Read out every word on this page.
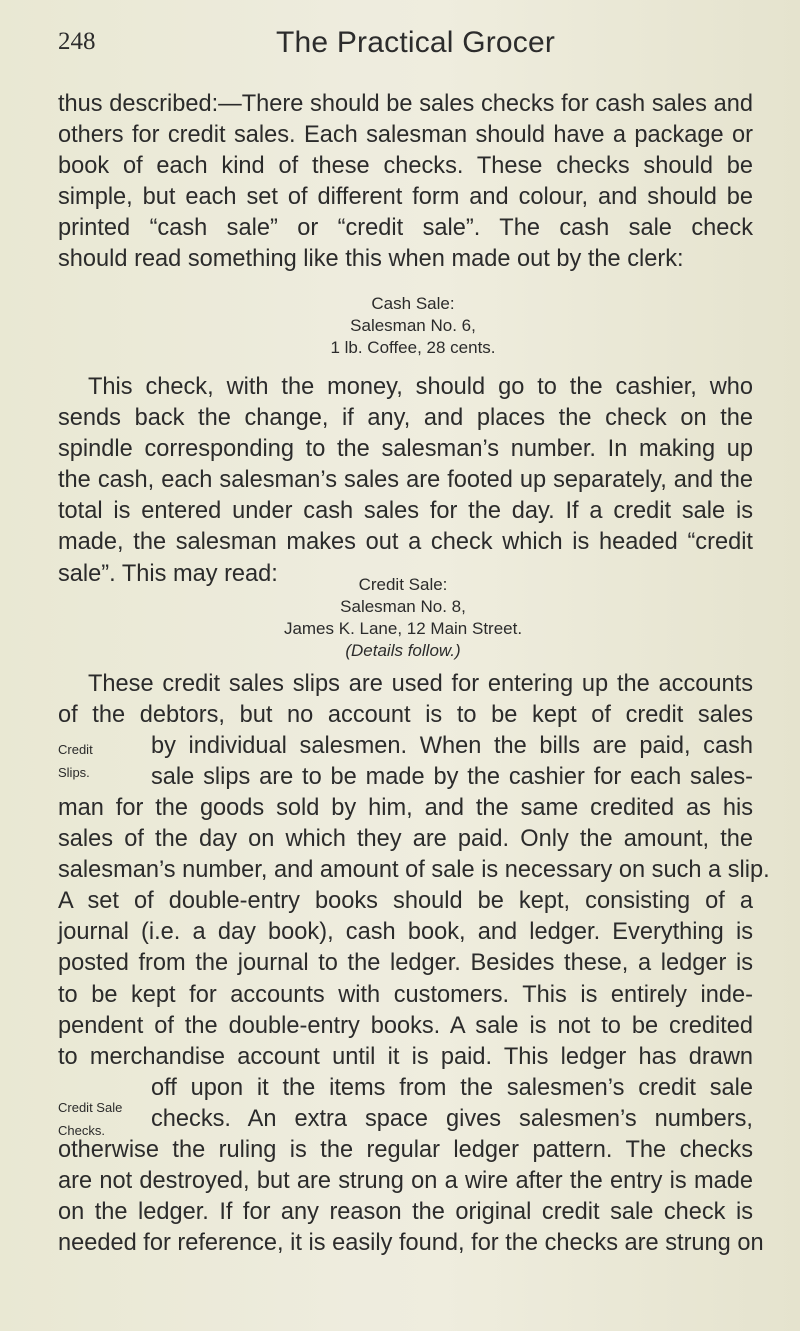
248	The Practical Grocer
thus described:—There should be sales checks for cash sales and
others for credit sales. Each salesman should have a package or
book of each kind of these checks. These checks should be
simple, but each set of different form and colour, and should be
printed “cash sale” or “credit sale”. The cash sale check
should read something like this when made out by the clerk:
Cash Sale:
Salesman No. 6,
1 lb. Coffee, 28 cents.
This check, with the money, should go to the cashier, who
sends back the change, if any, and places the check on the
spindle corresponding to the salesman’s number. In making up
the cash, each salesman’s sales are footed up separately, and the
total is entered under cash sales for the day. If a credit sale is
made, the salesman makes out a check which is headed “credit
sale”. This may read:	Credit Sale:
Salesman No. 8,
James K. Lane, 12 Main Street.
(Details follow.)
These credit sales slips are used for entering up the accounts
of the debtors, but no account is to be kept of credit sales
Credit
Slips.
by individual salesmen. When the bills are paid, cash
sale slips are to be made by the cashier for each sales-
man for the goods sold by him, and the same credited as his
sales of the day on which they are paid. Only the amount, the
salesman’s number, and amount of sale is necessary on such a slip.
A set of double-entry books should be kept, consisting of a
journal (i.e. a day book), cash book, and ledger. Everything is
posted from the journal to the ledger. Besides these, a ledger is
to be kept for accounts with customers. This is entirely inde-
pendent of the double-entry books. A sale is not to be credited
to merchandise account until it is paid. This ledger has drawn
Credit Sale
Checks.
off upon it the items from the salesmen’s credit sale
checks. An extra space gives salesmen’s numbers,
otherwise the ruling is the regular ledger pattern. The checks
are not destroyed, but are strung on a wire after the entry is made
on the ledger. If for any reason the original credit sale check is
needed for reference, it is easily found, for the checks are strung on
